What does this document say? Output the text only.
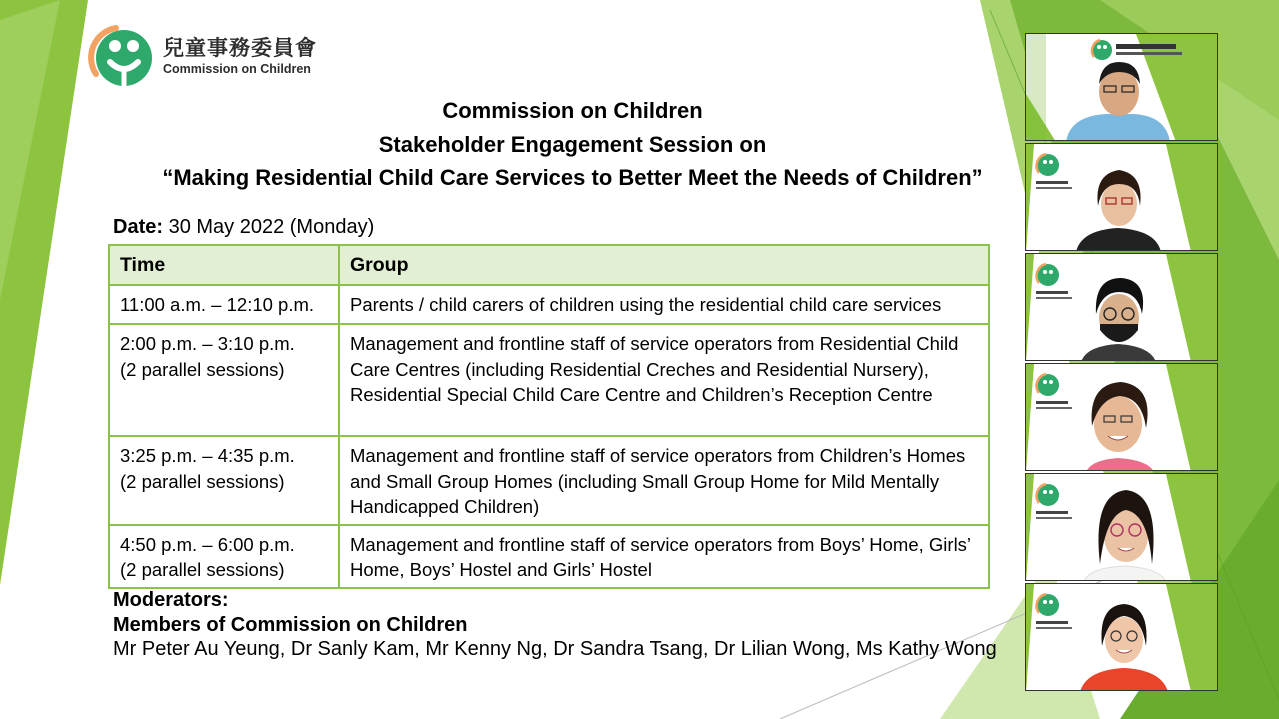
兒童事務委員會
Commission on Children
Commission on Children
Stakeholder Engagement Session on
“Making Residential Child Care Services to Better Meet the Needs of Children”
Date: 30 May 2022 (Monday)
Time	Group

11:00 a.m. – 12:10 p.m.	Parents / child carers of children using the residential child care services

2:00 p.m. – 3:10 p.m.
(2 parallel sessions)	Management and frontline staff of service operators from Residential Child Care Centres (including Residential Creches and Residential Nursery), Residential Special Child Care Centre and Children’s Reception Centre

3:25 p.m. – 4:35 p.m.
(2 parallel sessions)	Management and frontline staff of service operators from Children’s Homes and Small Group Homes (including Small Group Home for Mild Mentally Handicapped Children)

4:50 p.m. – 6:00 p.m.
(2 parallel sessions)	Management and frontline staff of service operators from Boys’ Home, Girls’ Home, Boys’ Hostel and Girls’ Hostel
Moderators:
Members of Commission on Children
Mr Peter Au Yeung, Dr Sanly Kam, Mr Kenny Ng, Dr Sandra Tsang, Dr Lilian Wong, Ms Kathy Wong
